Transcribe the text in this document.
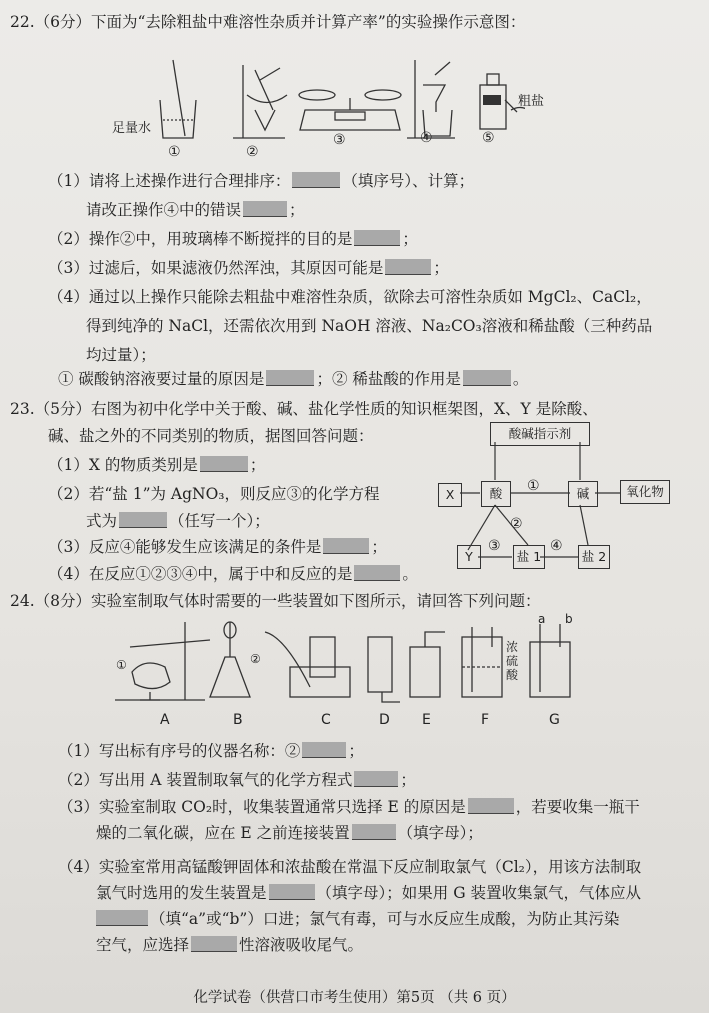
22.（6分）下面为“去除粗盐中难溶性杂质并计算产率”的实验操作示意图：
足量水
粗盐
①	②
③	④	⑤
（1）请将上述操作进行合理排序：	（填序号）、计算；
请改正操作④中的错误	；
（2）操作②中，用玻璃棒不断搅拌的目的是	；
（3）过滤后，如果滤液仍然浑浊，其原因可能是	；
（4）通过以上操作只能除去粗盐中难溶性杂质，欲除去可溶性杂质如 MgCl₂、CaCl₂，
得到纯净的 NaCl，还需依次用到 NaOH 溶液、Na₂CO₃溶液和稀盐酸（三种药品
均过量）；
① 碳酸钠溶液要过量的原因是	；② 稀盐酸的作用是	。
23.（5分）右图为初中化学中关于酸、碱、盐化学性质的知识框架图，X、Y 是除酸、
碱、盐之外的不同类别的物质，据图回答问题：
（1）X 的物质类别是	；
（2）若“盐 1”为 AgNO₃，则反应③的化学方程
式为	（任写一个）；
（3）反应④能够发生应该满足的条件是	；
（4）在反应①②③④中，属于中和反应的是	。
酸碱指示剂
X	酸	碱	氧化物
Y	盐 1	盐 2
①
②
③	④
24.（8分）实验室制取气体时需要的一些装置如下图所示，请回答下列问题：
①	②
浓硫酸
a b
A	B	C	D E	F	G
（1）写出标有序号的仪器名称：②	；
（2）写出用 A 装置制取氧气的化学方程式	；
（3）实验室制取 CO₂时，收集装置通常只选择 E 的原因是	，若要收集一瓶干
燥的二氧化碳，应在 E 之前连接装置	（填字母）；
（4）实验室常用高锰酸钾固体和浓盐酸在常温下反应制取氯气（Cl₂），用该方法制取
氯气时选用的发生装置是	（填字母）；如果用 G 装置收集氯气，气体应从
（填“a”或“b”）口进；氯气有毒，可与水反应生成酸，为防止其污染
空气，应选择	性溶液吸收尾气。
化学试卷（供营口市考生使用）第5页 （共 6 页）
